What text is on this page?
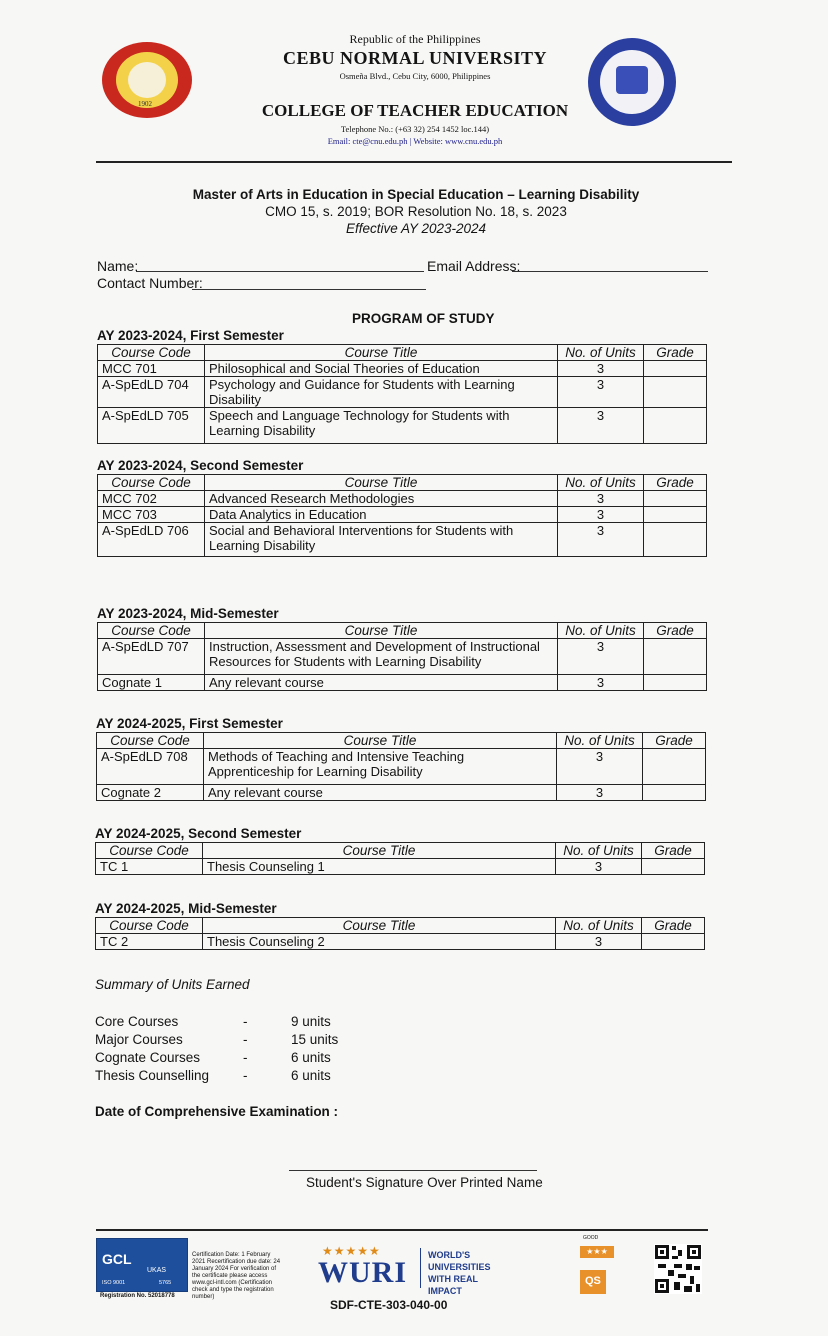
1902
Republic of the Philippines
CEBU NORMAL UNIVERSITY
Osmeña Blvd., Cebu City, 6000, Philippines
COLLEGE OF TEACHER EDUCATION
Telephone No.: (+63 32) 254 1452 loc.144)
Email: cte@cnu.edu.ph | Website: www.cnu.edu.ph
Master of Arts in Education in Special Education – Learning Disability
CMO 15, s. 2019; BOR Resolution No. 18, s. 2023
Effective AY 2023-2024
Name:	Email Address:
Contact Number:
PROGRAM OF STUDY
AY 2023-2024, First Semester
Course Code	Course Title	No. of Units	Grade
MCC 701	Philosophical and Social Theories of Education	3	
A-SpEdLD 704	Psychology and Guidance for Students with Learning Disability	3	
A-SpEdLD 705	Speech and Language Technology for Students with Learning Disability	3	
AY 2023-2024, Second Semester
Course Code	Course Title	No. of Units	Grade
MCC 702	Advanced Research Methodologies	3	
MCC 703	Data Analytics in Education	3	
A-SpEdLD 706	Social and Behavioral Interventions for Students with Learning Disability	3	
AY 2023-2024, Mid-Semester
Course Code	Course Title	No. of Units	Grade
A-SpEdLD 707	Instruction, Assessment and Development of Instructional Resources for Students with Learning Disability	3	
Cognate 1	Any relevant course	3	
AY 2024-2025, First Semester
Course Code	Course Title	No. of Units	Grade
A-SpEdLD 708	Methods of Teaching and Intensive Teaching Apprenticeship for Learning Disability	3	
Cognate 2	Any relevant course	3	
AY 2024-2025, Second Semester
Course Code	Course Title	No. of Units	Grade
TC 1	Thesis Counseling 1	3	
AY 2024-2025, Mid-Semester
Course Code	Course Title	No. of Units	Grade
TC 2	Thesis Counseling 2	3	
Summary of Units Earned
Core Courses	-	9 units
Major Courses	-	15 units
Cognate Courses	-	6 units
Thesis Counselling	-	6 units
Date of Comprehensive Examination :
Student's Signature Over Printed Name
GCL
UKAS
ISO 9001	5765
Registration No. 52018778
Certification Date: 1 February 2021 Recertification due date: 24 January 2024 For verification of the certificate please access www.gcl-intl.com (Certification check and type the registration number)
★★★★★
WURI
WORLD'S UNIVERSITIES WITH REAL IMPACT
GOOD
★★★
QS
SDF-CTE-303-040-00
